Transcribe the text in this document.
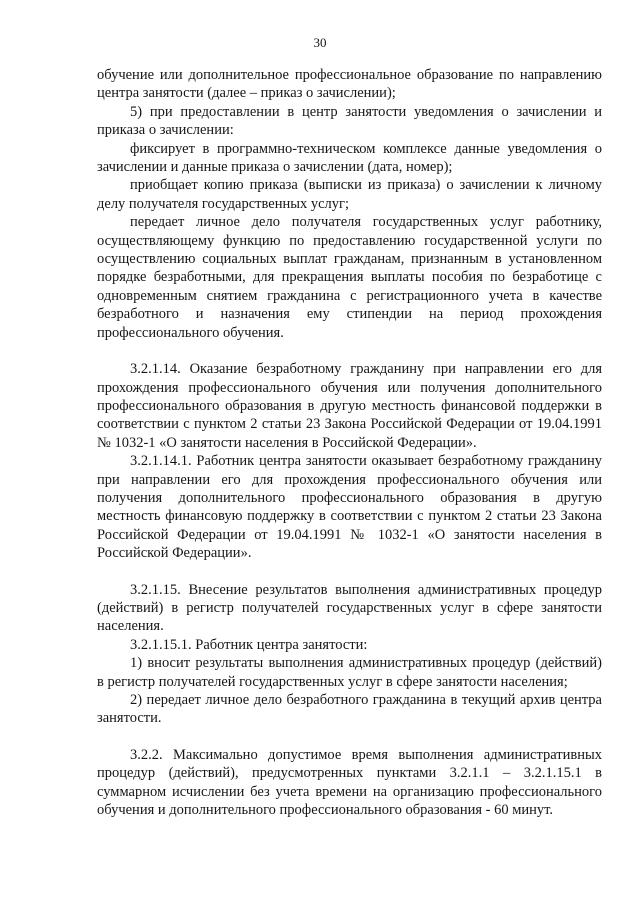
30

обучение или дополнительное профессиональное образование по направлению центра занятости (далее – приказ о зачислении);

5) при предоставлении в центр занятости уведомления о зачислении и приказа о зачислении:

фиксирует в программно-техническом комплексе данные уведомления о зачислении и данные приказа о зачислении (дата, номер);

приобщает копию приказа (выписки из приказа) о зачислении к личному делу получателя государственных услуг;

передает личное дело получателя государственных услуг работнику, осуществляющему функцию по предоставлению государственной услуги по осуществлению социальных выплат гражданам, признанным в установленном порядке безработными, для прекращения выплаты пособия по безработице с одновременным снятием гражданина с регистрационного учета в качестве безработного и назначения ему стипендии на период прохождения профессионального обучения.

3.2.1.14. Оказание безработному гражданину при направлении его для прохождения профессионального обучения или получения дополнительного профессионального образования в другую местность финансовой поддержки в соответствии с пунктом 2 статьи 23 Закона Российской Федерации от 19.04.1991 № 1032-1 «О занятости населения в Российской Федерации».

3.2.1.14.1. Работник центра занятости оказывает безработному гражданину при направлении его для прохождения профессионального обучения или получения дополнительного профессионального образования в другую местность финансовую поддержку в соответствии с пунктом 2 статьи 23 Закона Российской Федерации от 19.04.1991 № 1032-1 «О занятости населения в Российской Федерации».

3.2.1.15. Внесение результатов выполнения административных процедур (действий) в регистр получателей государственных услуг в сфере занятости населения.

3.2.1.15.1. Работник центра занятости:

1) вносит результаты выполнения административных процедур (действий) в регистр получателей государственных услуг в сфере занятости населения;

2) передает личное дело безработного гражданина в текущий архив центра занятости.

3.2.2. Максимально допустимое время выполнения административных процедур (действий), предусмотренных пунктами 3.2.1.1 – 3.2.1.15.1 в суммарном исчислении без учета времени на организацию профессионального обучения и дополнительного профессионального образования - 60 минут.
